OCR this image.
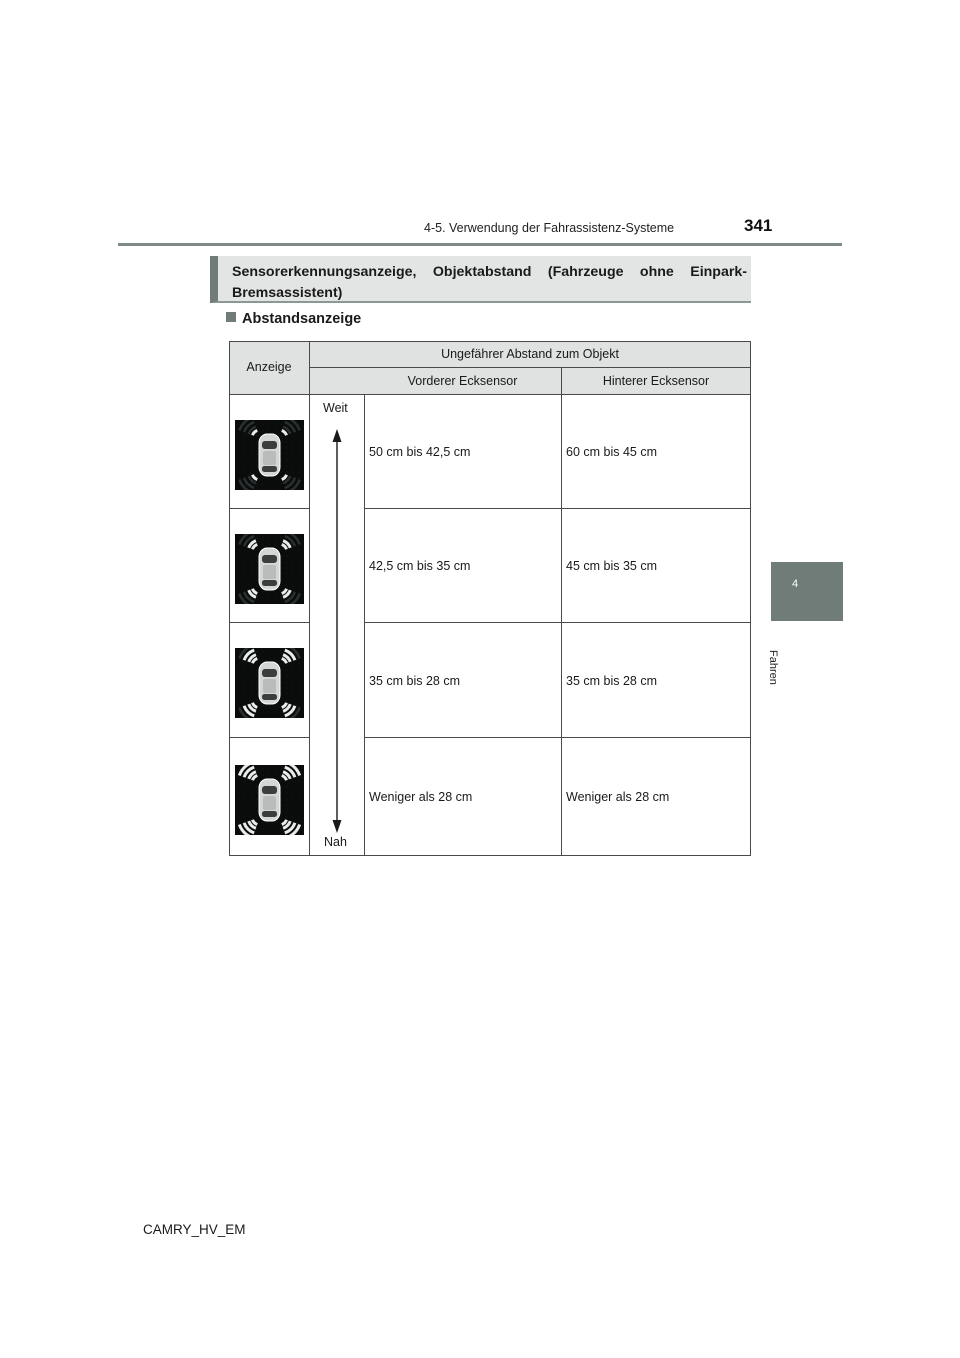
4-5. Verwendung der Fahrassistenz-Systeme	341
4
Fahren
Sensorerkennungsanzeige, Objektabstand (Fahrzeuge ohne Einpark-Bremsassistent)
Abstandsanzeige
Anzeige
Ungefährer Abstand zum Objekt
Vorderer Ecksensor	Hinterer Ecksensor
Weit
Nah
50 cm bis 42,5 cm	60 cm bis 45 cm
42,5 cm bis 35 cm	45 cm bis 35 cm
35 cm bis 28 cm	35 cm bis 28 cm
Weniger als 28 cm	Weniger als 28 cm
CAMRY_HV_EM
